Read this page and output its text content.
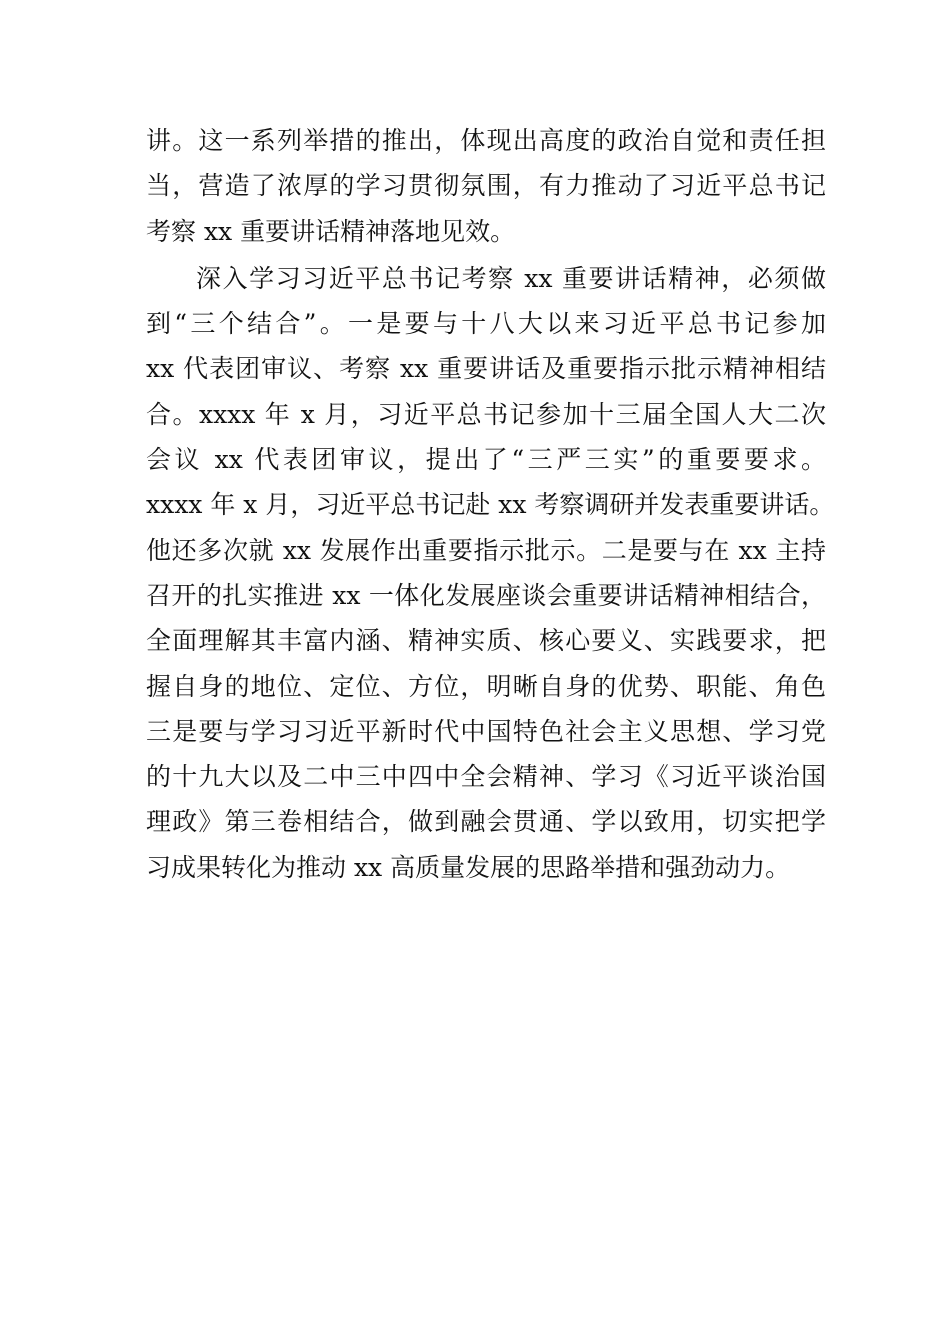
讲。这一系列举措的推出，体现出高度的政治自觉和责任担
当，营造了浓厚的学习贯彻氛围，有力推动了习近平总书记
考察 xx 重要讲话精神落地见效。
深入学习习近平总书记考察 xx 重要讲话精神，必须做
到“三个结合”。一是要与十八大以来习近平总书记参加
xx 代表团审议、考察 xx 重要讲话及重要指示批示精神相结
合。xxxx 年 x 月，习近平总书记参加十三届全国人大二次
会议 xx 代表团审议，提出了“三严三实”的重要要求。
xxxx 年 x 月，习近平总书记赴 xx 考察调研并发表重要讲话。
他还多次就 xx 发展作出重要指示批示。二是要与在 xx 主持
召开的扎实推进 xx 一体化发展座谈会重要讲话精神相结合，
全面理解其丰富内涵、精神实质、核心要义、实践要求，把
握自身的地位、定位、方位，明晰自身的优势、职能、角色
三是要与学习习近平新时代中国特色社会主义思想、学习党
的十九大以及二中三中四中全会精神、学习《习近平谈治国
理政》第三卷相结合，做到融会贯通、学以致用，切实把学
习成果转化为推动 xx 高质量发展的思路举措和强劲动力。
